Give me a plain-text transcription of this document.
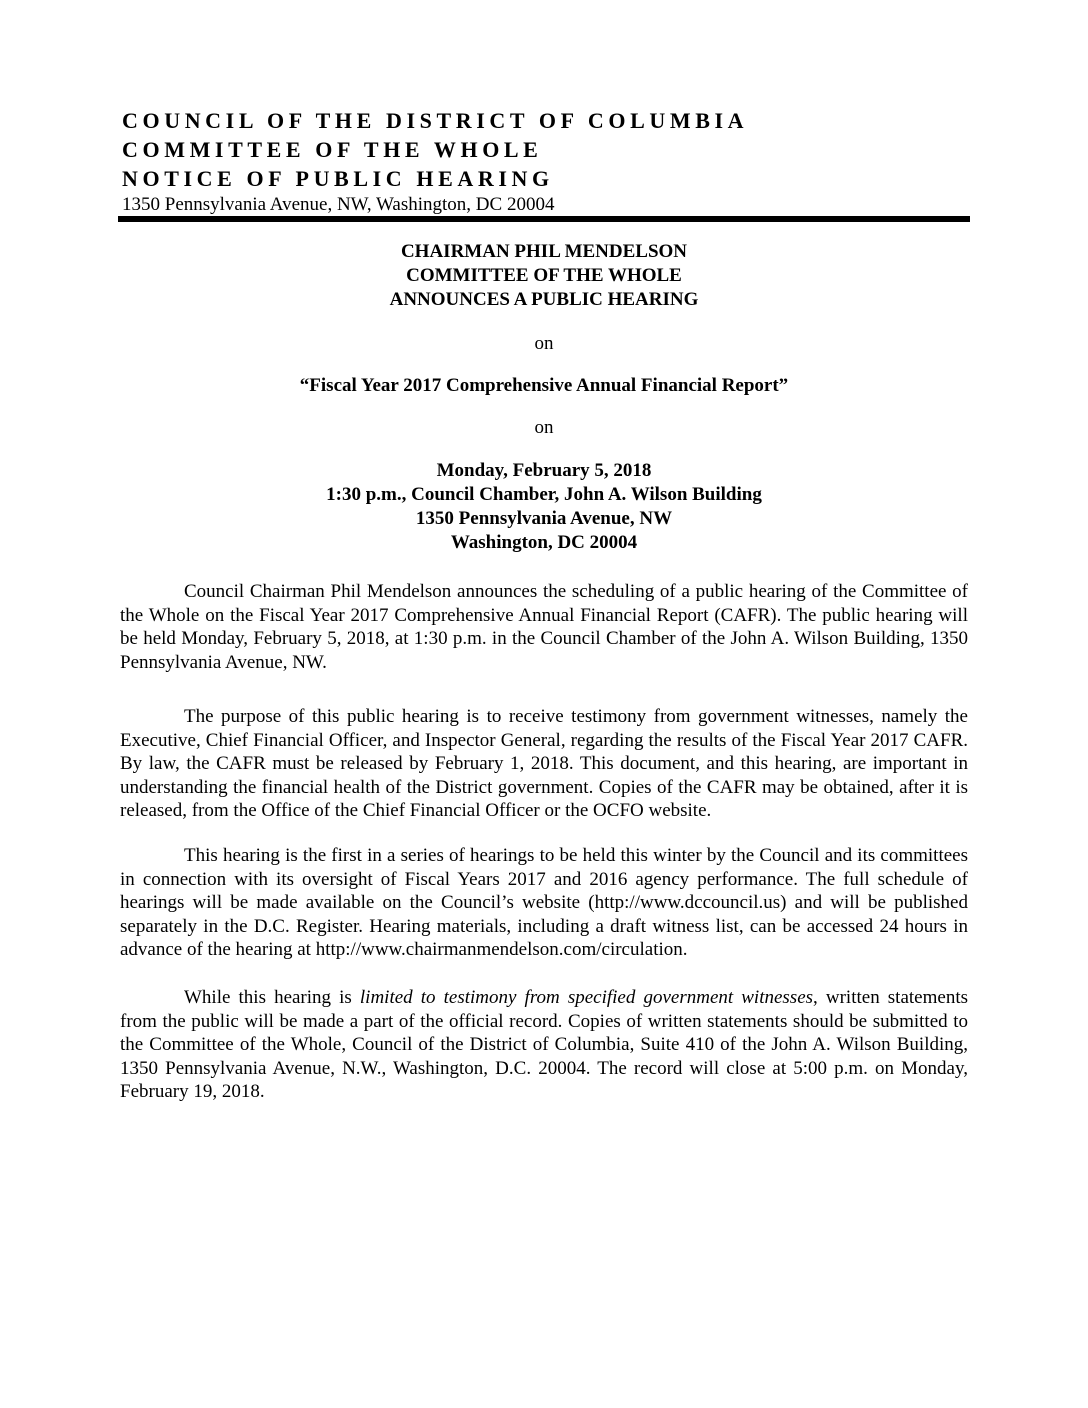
COUNCIL OF THE DISTRICT OF COLUMBIA
COMMITTEE OF THE WHOLE
NOTICE OF PUBLIC HEARING
1350 Pennsylvania Avenue, NW, Washington, DC 20004
CHAIRMAN PHIL MENDELSON
COMMITTEE OF THE WHOLE
ANNOUNCES A PUBLIC HEARING
on
“Fiscal Year 2017 Comprehensive Annual Financial Report”
on
Monday, February 5, 2018
1:30 p.m., Council Chamber, John A. Wilson Building
1350 Pennsylvania Avenue, NW
Washington, DC 20004

Council Chairman Phil Mendelson announces the scheduling of a public hearing of the Committee of the Whole on the Fiscal Year 2017 Comprehensive Annual Financial Report (CAFR). The public hearing will be held Monday, February 5, 2018, at 1:30 p.m. in the Council Chamber of the John A. Wilson Building, 1350 Pennsylvania Avenue, NW.

The purpose of this public hearing is to receive testimony from government witnesses, namely the Executive, Chief Financial Officer, and Inspector General, regarding the results of the Fiscal Year 2017 CAFR. By law, the CAFR must be released by February 1, 2018. This document, and this hearing, are important in understanding the financial health of the District government. Copies of the CAFR may be obtained, after it is released, from the Office of the Chief Financial Officer or the OCFO website.

This hearing is the first in a series of hearings to be held this winter by the Council and its committees in connection with its oversight of Fiscal Years 2017 and 2016 agency performance. The full schedule of hearings will be made available on the Council’s website (http://www.dccouncil.us) and will be published separately in the D.C. Register. Hearing materials, including a draft witness list, can be accessed 24 hours in advance of the hearing at http://www.chairmanmendelson.com/circulation.

While this hearing is limited to testimony from specified government witnesses, written statements from the public will be made a part of the official record. Copies of written statements should be submitted to the Committee of the Whole, Council of the District of Columbia, Suite 410 of the John A. Wilson Building, 1350 Pennsylvania Avenue, N.W., Washington, D.C. 20004. The record will close at 5:00 p.m. on Monday, February 19, 2018.
